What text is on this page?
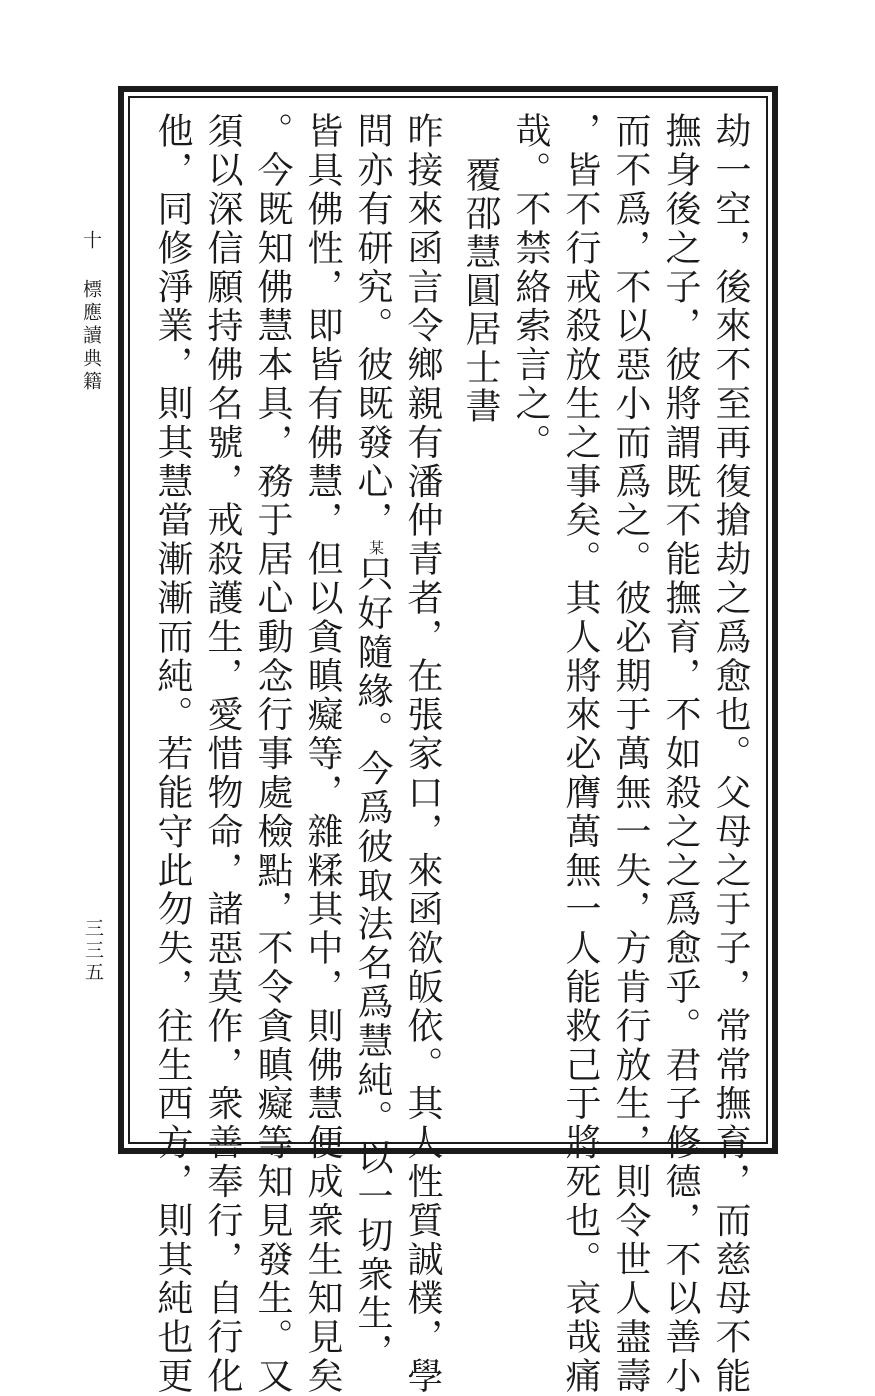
十 標應讀典籍
三三五	劫一空，後來不至再復搶劫之爲愈也。父母之于子，常常撫育，而慈母不能
撫身後之子，彼將謂既不能撫育，不如殺之之爲愈乎。君子修德，不以善小
而不爲，不以惡小而爲之。彼必期于萬無一失，方肯行放生，則令世人盡壽
，皆不行戒殺放生之事矣。其人將來必膺萬無一人能救己于將死也。哀哉痛
哉。不禁絡索言之。
覆邵慧圓居士書
昨接來函言令鄉親有潘仲青者，在張家口，來函欲皈依。其人性質誠樸，學
問亦有研究。彼既發心，某只好隨緣。今爲彼取法名爲慧純。以一切衆生，
皆具佛性，即皆有佛慧，但以貪瞋癡等，雜糅其中，則佛慧便成衆生知見矣
。今既知佛慧本具，務于居心動念行事處檢點，不令貪瞋癡等知見發生。又
須以深信願持佛名號，戒殺護生，愛惜物命，諸惡莫作，衆善奉行，自行化
他，同修淨業，則其慧當漸漸而純。若能守此勿失，往生西方，則其純也更
